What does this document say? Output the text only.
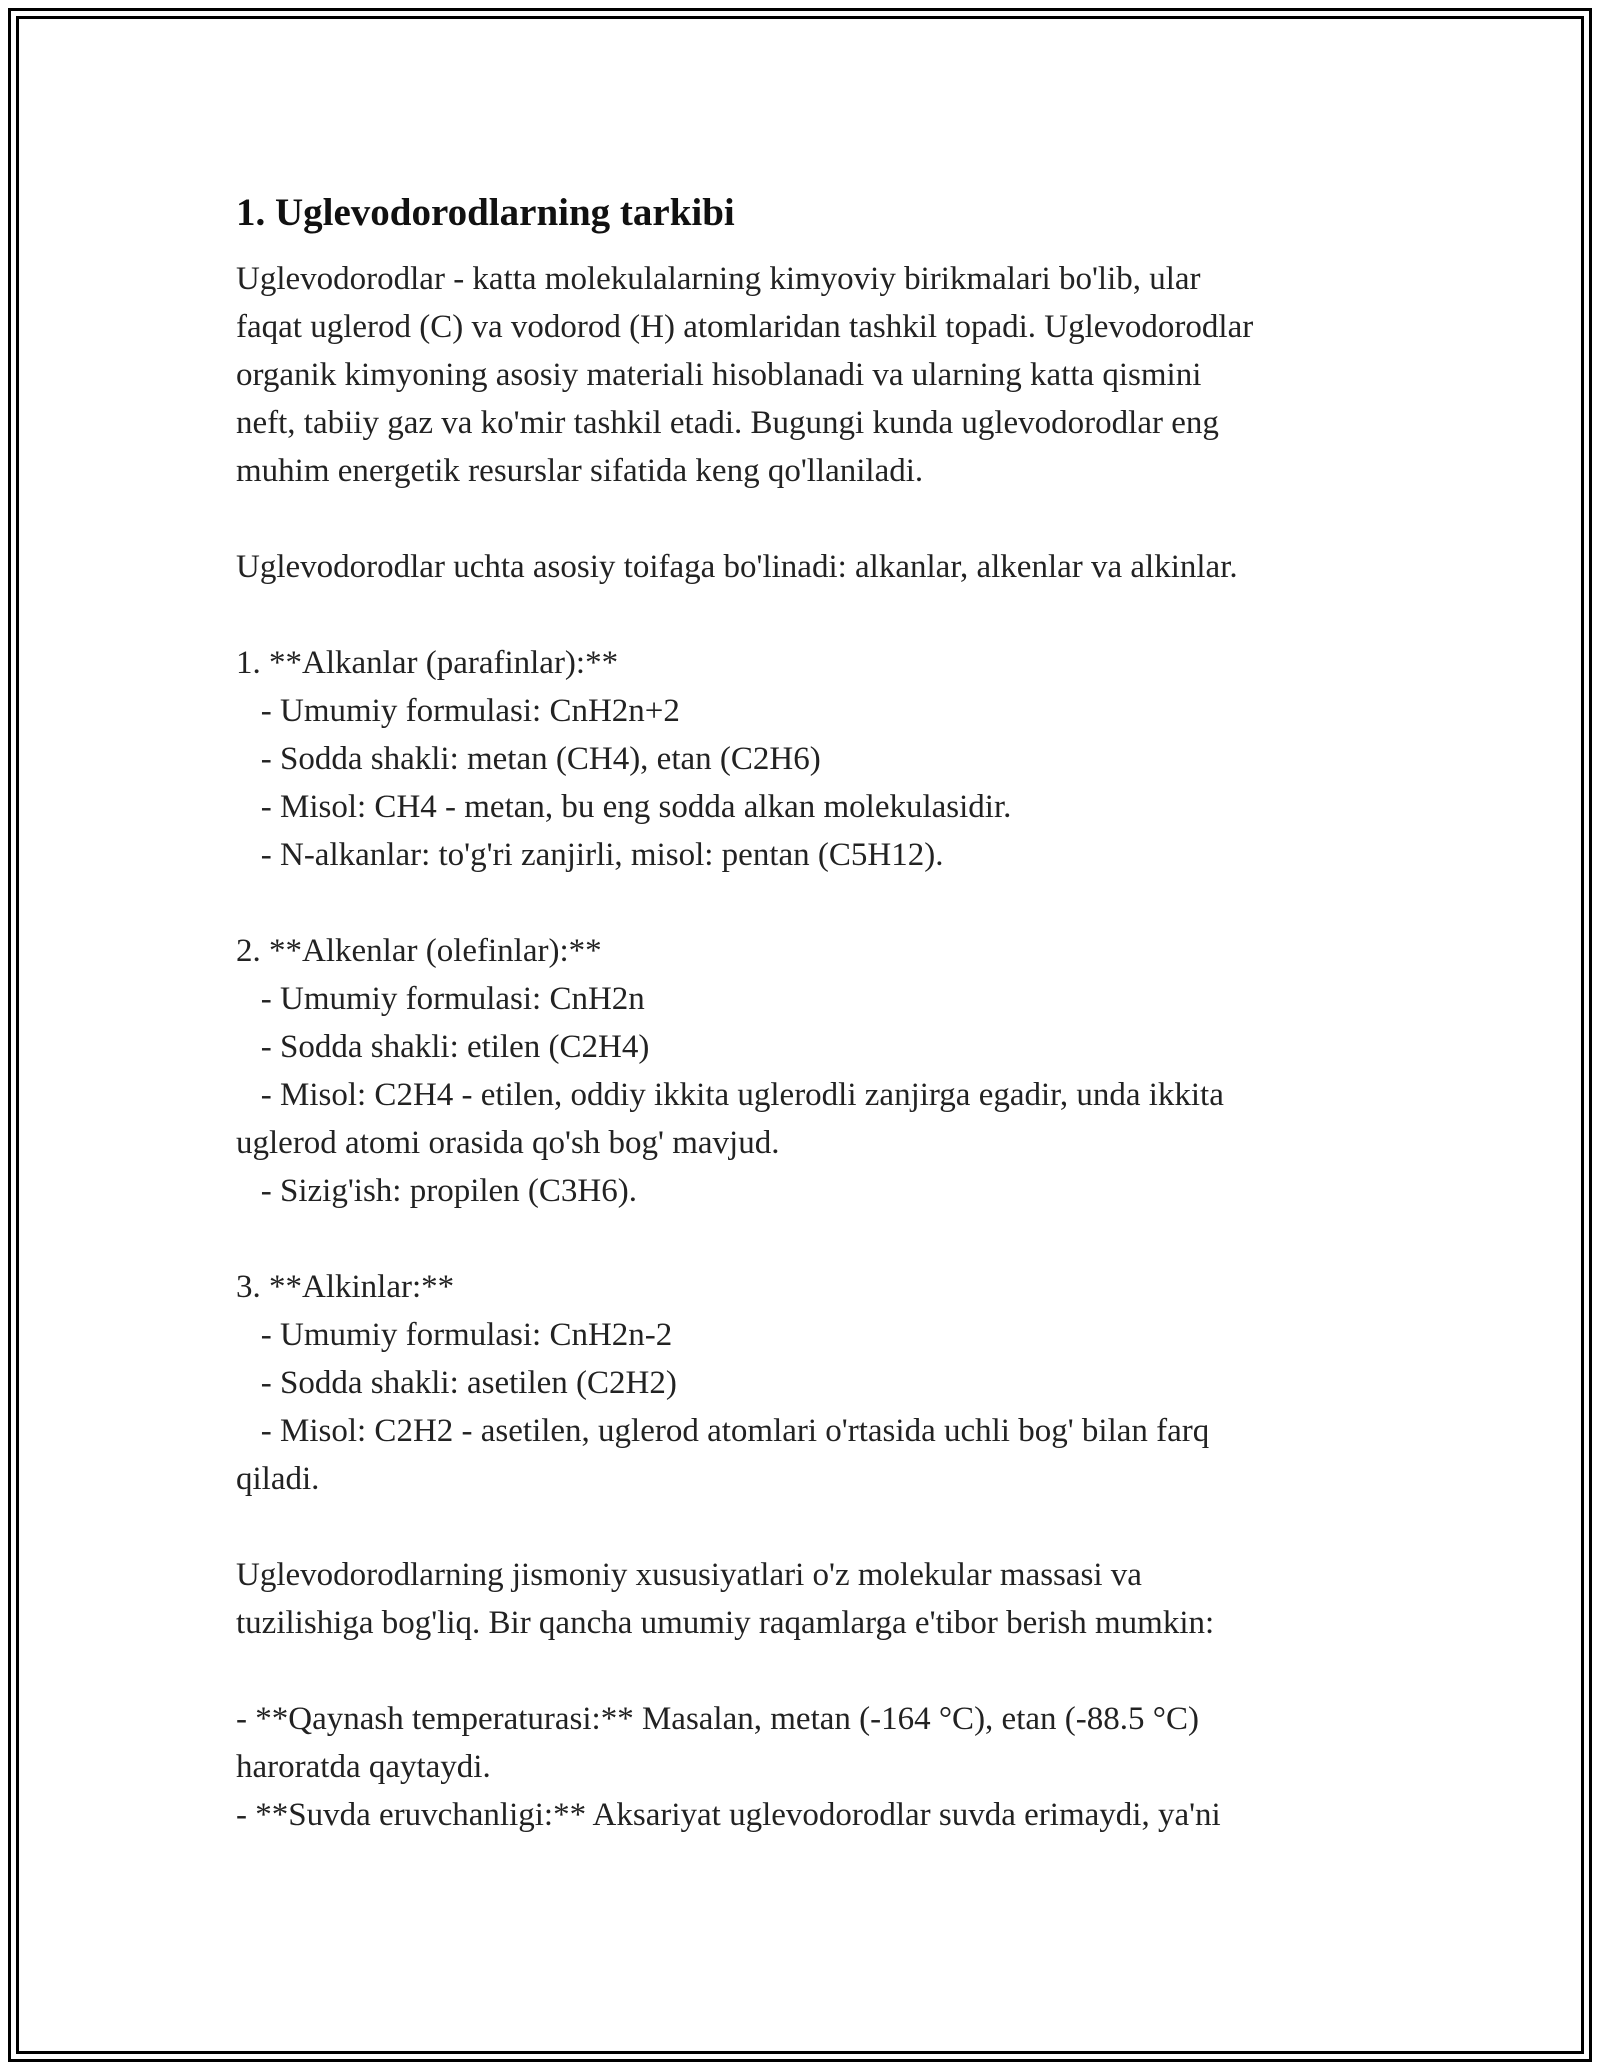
1. Uglevodorodlarning tarkibi

Uglevodorodlar - katta molekulalarning kimyoviy birikmalari bo'lib, ular
faqat uglerod (C) va vodorod (H) atomlaridan tashkil topadi. Uglevodorodlar
organik kimyoning asosiy materiali hisoblanadi va ularning katta qismini
neft, tabiiy gaz va ko'mir tashkil etadi. Bugungi kunda uglevodorodlar eng
muhim energetik resurslar sifatida keng qo'llaniladi.

Uglevodorodlar uchta asosiy toifaga bo'linadi: alkanlar, alkenlar va alkinlar.

1. **Alkanlar (parafinlar):**
- Umumiy formulasi: CnH2n+2
- Sodda shakli: metan (CH4), etan (C2H6)
- Misol: CH4 - metan, bu eng sodda alkan molekulasidir.
- N-alkanlar: to'g'ri zanjirli, misol: pentan (C5H12).

2. **Alkenlar (olefinlar):**
- Umumiy formulasi: CnH2n
- Sodda shakli: etilen (C2H4)
- Misol: C2H4 - etilen, oddiy ikkita uglerodli zanjirga egadir, unda ikkita
uglerod atomi orasida qo'sh bog' mavjud.
- Sizig'ish: propilen (C3H6).

3. **Alkinlar:**
- Umumiy formulasi: CnH2n-2
- Sodda shakli: asetilen (C2H2)
- Misol: C2H2 - asetilen, uglerod atomlari o'rtasida uchli bog' bilan farq
qiladi.

Uglevodorodlarning jismoniy xususiyatlari o'z molekular massasi va
tuzilishiga bog'liq. Bir qancha umumiy raqamlarga e'tibor berish mumkin:

- **Qaynash temperaturasi:** Masalan, metan (-164 °C), etan (-88.5 °C)
haroratda qaytaydi.
- **Suvda eruvchanligi:** Aksariyat uglevodorodlar suvda erimaydi, ya'ni
